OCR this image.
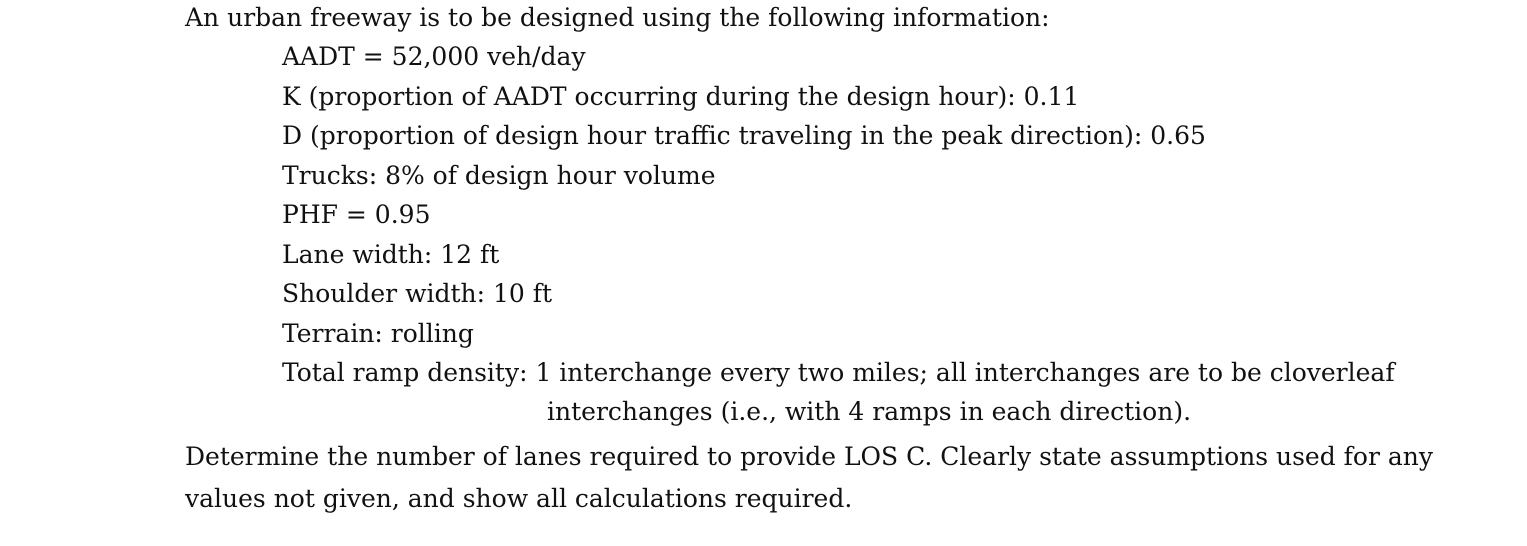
An urban freeway is to be designed using the following information:
AADT = 52,000 veh/day
K (proportion of AADT occurring during the design hour): 0.11
D (proportion of design hour traffic traveling in the peak direction): 0.65
Trucks: 8% of design hour volume
PHF = 0.95
Lane width: 12 ft
Shoulder width: 10 ft
Terrain: rolling
Total ramp density: 1 interchange every two miles; all interchanges are to be cloverleaf
interchanges (i.e., with 4 ramps in each direction).
Determine the number of lanes required to provide LOS C. Clearly state assumptions used for any values not given, and show all calculations required.
